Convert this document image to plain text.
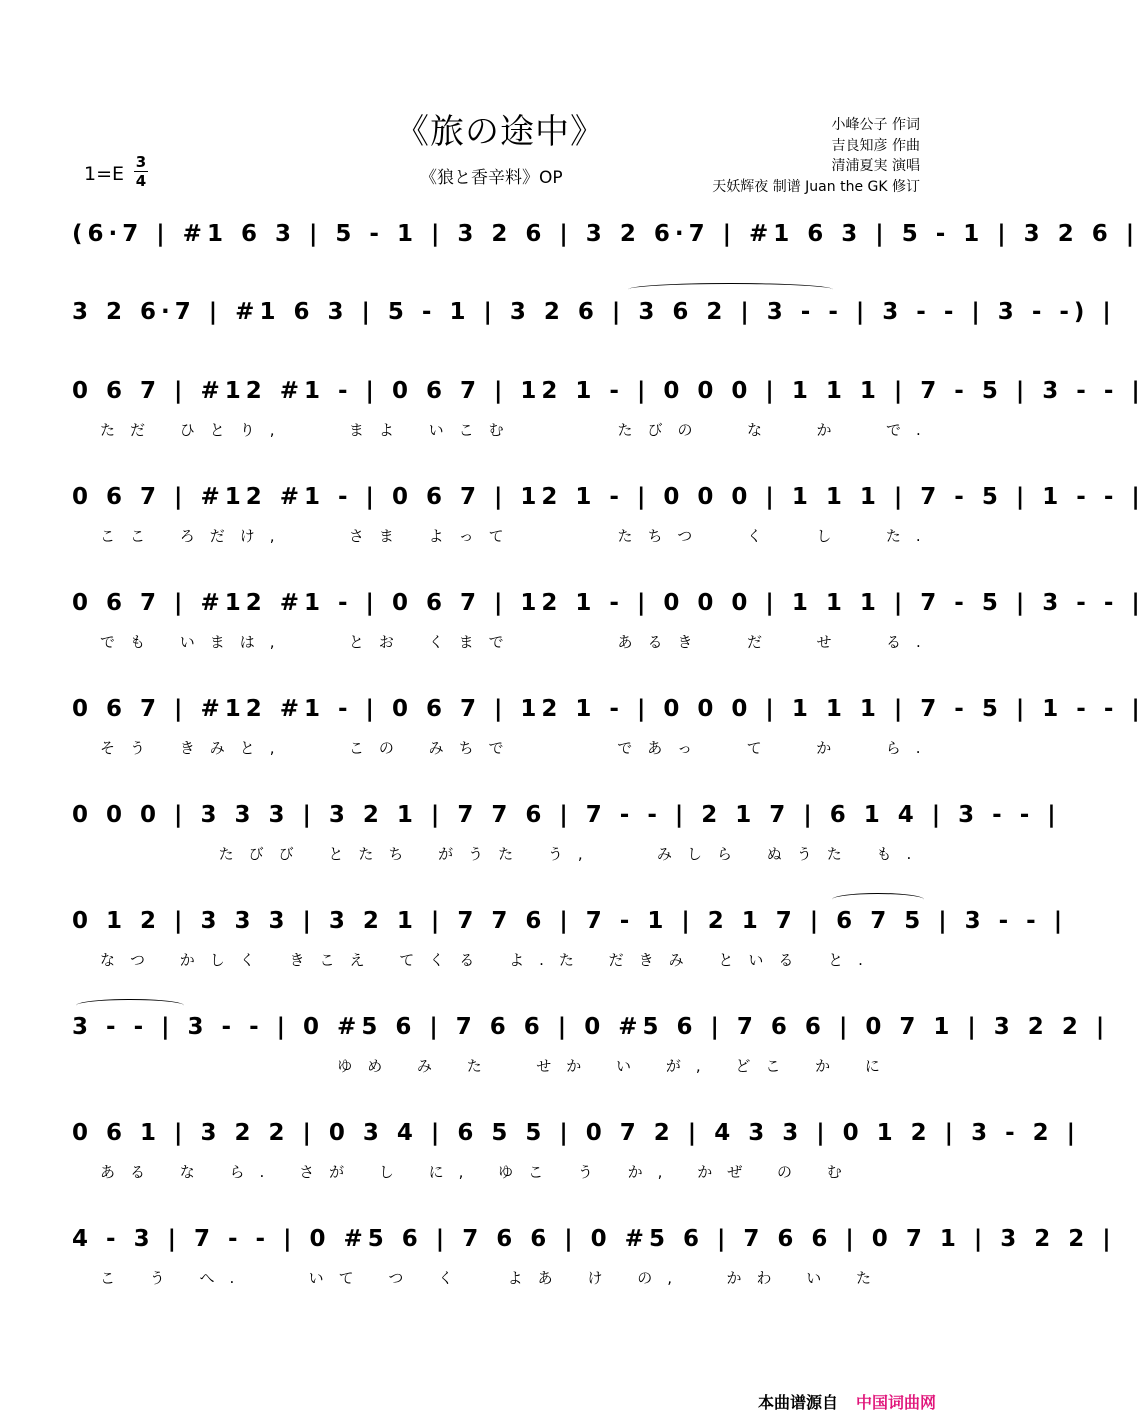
《旅の途中》
1=E
3
4	《狼と香辛料》OP
小峰公子 作词
吉良知彦 作曲
清浦夏実 演唱
天妖辉夜 制谱 Juan the GK 修订
(6·7 | #1 6 3 | 5 - 1 | 3 2 6 | 3 2 6·7 | #1 6 3 | 5 - 1 | 3 2 6 |
3 2 6·7 | #1 6 3 | 5 - 1 | 3 2 6 | 3 6 2 | 3 - - | 3 - - | 3 - -) |
0 6 7 | #12 #1 - | 0 6 7 | 12 1 - | 0 0 0 | 1 1 1 | 7 - 5 | 3 - - |
ただ ひとり,   まよ いこむ     たびの  な  か  で.
0 6 7 | #12 #1 - | 0 6 7 | 12 1 - | 0 0 0 | 1 1 1 | 7 - 5 | 1 - - |
ここ ろだけ,   さま よって     たちつ  く  し  た.
0 6 7 | #12 #1 - | 0 6 7 | 12 1 - | 0 0 0 | 1 1 1 | 7 - 5 | 3 - - |
でも いまは,   とお くまで     あるき  だ  せ  る.
0 6 7 | #12 #1 - | 0 6 7 | 12 1 - | 0 0 0 | 1 1 1 | 7 - 5 | 1 - - |
そう きみと,   この みちで     であっ  て  か  ら.
0 0 0 | 3 3 3 | 3 2 1 | 7 7 6 | 7 - - | 2 1 7 | 6 1 4 | 3 - - |
たびび とたち がうた う,   みしら ぬうた も.
0 1 2 | 3 3 3 | 3 2 1 | 7 7 6 | 7 - 1 | 2 1 7 | 6 7 5 | 3 - - |
なつ かしく きこえ てくる よ.た だきみ といる と.
3 - - | 3 - - | 0 #5 6 | 7 6 6 | 0 #5 6 | 7 6 6 | 0 7 1 | 3 2 2 |
ゆめ み た  せか い が, どこ か に
0 6 1 | 3 2 2 | 0 3 4 | 6 5 5 | 0 7 2 | 4 3 3 | 0 1 2 | 3 - 2 |
ある な ら. さが し に, ゆこ う か, かぜ の む
4 - 3 | 7 - - | 0 #5 6 | 7 6 6 | 0 #5 6 | 7 6 6 | 0 7 1 | 3 2 2 |
こ う へ.   いて つ く  よあ け の,  かわ い た
本曲谱源自 中国词曲网
